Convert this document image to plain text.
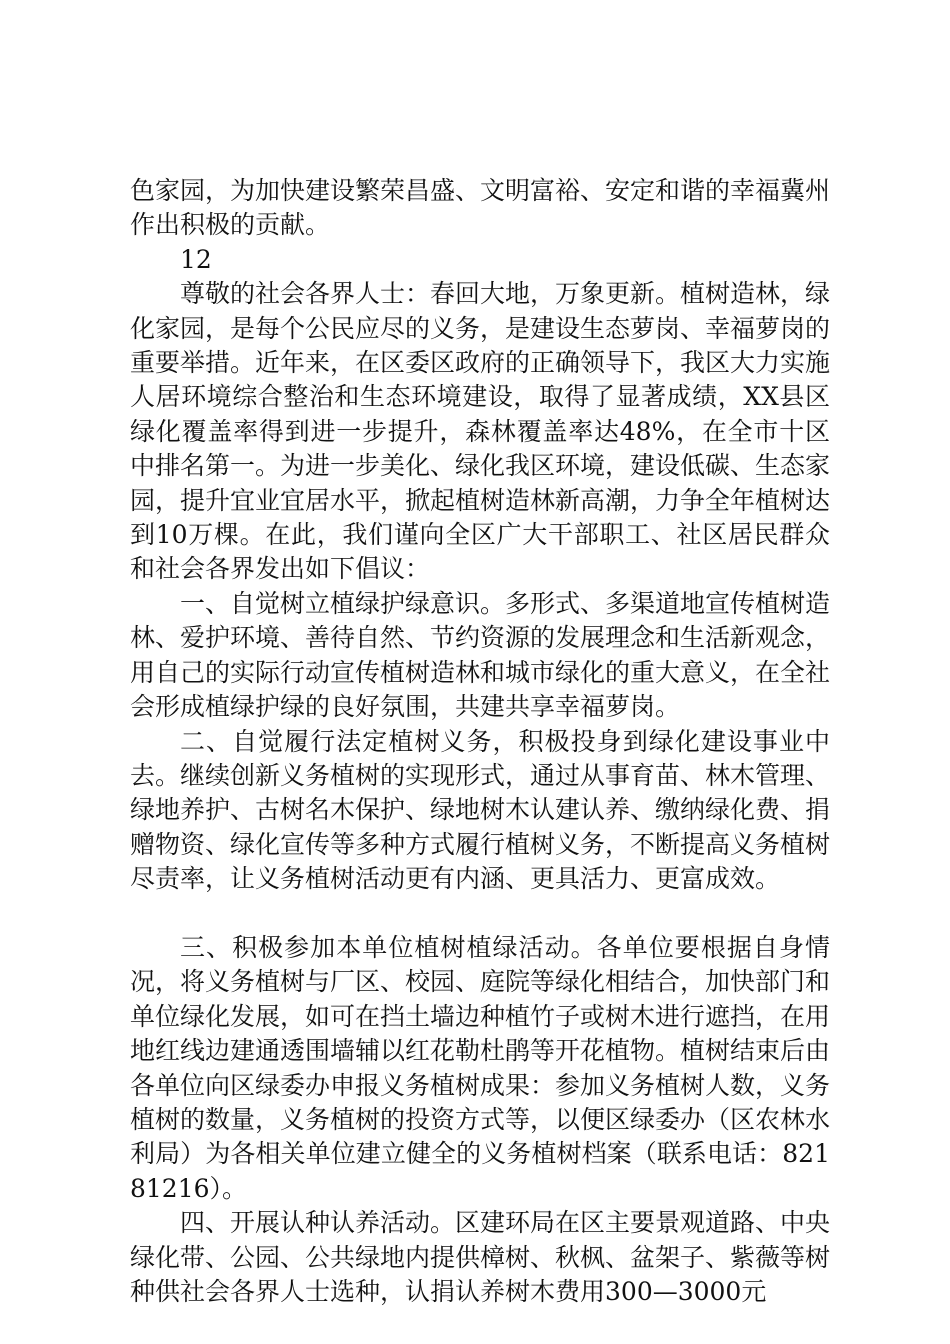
色家园，为加快建设繁荣昌盛、文明富裕、安定和谐的幸福冀州作出积极的贡献。

12

尊敬的社会各界人士：春回大地，万象更新。植树造林，绿化家园，是每个公民应尽的义务，是建设生态萝岗、幸福萝岗的重要举措。近年来，在区委区政府的正确领导下，我区大力实施人居环境综合整治和生态环境建设，取得了显著成绩，XX县区绿化覆盖率得到进一步提升，森林覆盖率达48%，在全市十区中排名第一。为进一步美化、绿化我区环境，建设低碳、生态家园，提升宜业宜居水平，掀起植树造林新高潮，力争全年植树达到10万棵。在此，我们谨向全区广大干部职工、社区居民群众和社会各界发出如下倡议：

一、自觉树立植绿护绿意识。多形式、多渠道地宣传植树造林、爱护环境、善待自然、节约资源的发展理念和生活新观念，用自己的实际行动宣传植树造林和城市绿化的重大意义，在全社会形成植绿护绿的良好氛围，共建共享幸福萝岗。

二、自觉履行法定植树义务，积极投身到绿化建设事业中去。继续创新义务植树的实现形式，通过从事育苗、林木管理、绿地养护、古树名木保护、绿地树木认建认养、缴纳绿化费、捐赠物资、绿化宣传等多种方式履行植树义务，不断提高义务植树尽责率，让义务植树活动更有内涵、更具活力、更富成效。

三、积极参加本单位植树植绿活动。各单位要根据自身情况，将义务植树与厂区、校园、庭院等绿化相结合，加快部门和单位绿化发展，如可在挡土墙边种植竹子或树木进行遮挡，在用地红线边建通透围墙辅以红花勒杜鹃等开花植物。植树结束后由各单位向区绿委办申报义务植树成果：参加义务植树人数，义务植树的数量，义务植树的投资方式等，以便区绿委办（区农林水利局）为各相关单位建立健全的义务植树档案（联系电话：82181216）。

四、开展认种认养活动。区建环局在区主要景观道路、中央绿化带、公园、公共绿地内提供樟树、秋枫、盆架子、紫薇等树种供社会各界人士选种，认捐认养树木费用300—3000元
